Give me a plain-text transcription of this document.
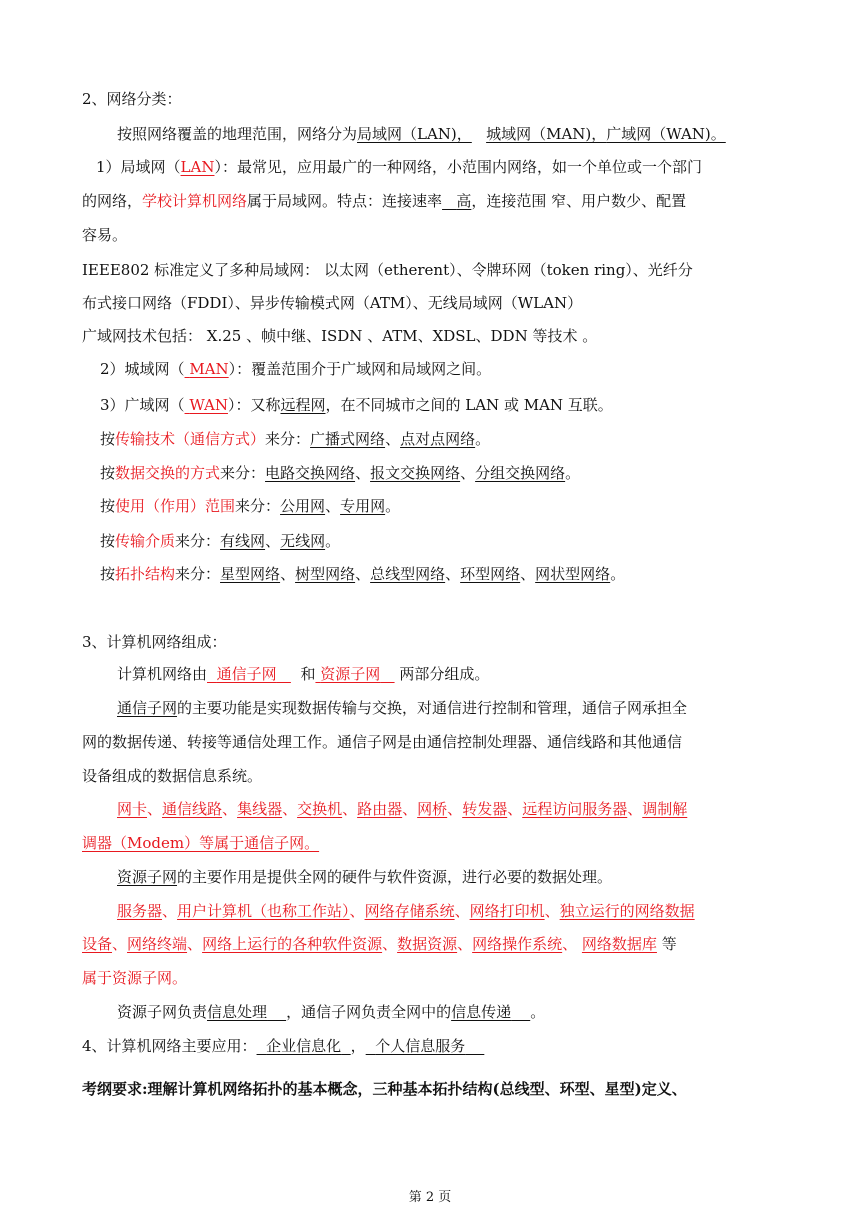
2、网络分类：
按照网络覆盖的地理范围，网络分为局域网（LAN)， 城域网（MAN)，广域网（WAN)。
1）局域网（LAN）：最常见，应用最广的一种网络，小范围内网络，如一个单位或一个部门
的网络，学校计算机网络属于局域网。特点：连接速率 高，连接范围 窄、用户数少、配置
容易。
IEEE802 标准定义了多种局域网： 以太网（etherent）、令牌环网（token ring）、光纤分
布式接口网络（FDDI）、异步传输模式网（ATM）、无线局域网（WLAN）
广域网技术包括： X.25 、帧中继、ISDN 、ATM、XDSL、DDN 等技术 。
2）城域网（ MAN）：覆盖范围介于广域网和局域网之间。
3）广域网（ WAN）：又称远程网，在不同城市之间的 LAN 或 MAN 互联。
按传输技术（通信方式）来分：广播式网络、点对点网络。
按数据交换的方式来分：电路交换网络、报文交换网络、分组交换网络。
按使用（作用）范围来分：公用网、专用网。
按传输介质来分：有线网、无线网。
按拓扑结构来分：星型网络、树型网络、总线型网络、环型网络、网状型网络。
3、计算机网络组成：
计算机网络由 通信子网 和 资源子网 两部分组成。
通信子网的主要功能是实现数据传输与交换，对通信进行控制和管理，通信子网承担全
网的数据传递、转接等通信处理工作。通信子网是由通信控制处理器、通信线路和其他通信
设备组成的数据信息系统。
网卡、通信线路、集线器、交换机、路由器、网桥、转发器、远程访问服务器、调制解
调器（Modem）等属于通信子网。
资源子网的主要作用是提供全网的硬件与软件资源，进行必要的数据处理。
服务器、用户计算机（也称工作站）、网络存储系统、网络打印机、独立运行的网络数据
设备、网络终端、网络上运行的各种软件资源、数据资源、网络操作系统、 网络数据库 等
属于资源子网。
资源子网负责信息处理 ，通信子网负责全网中的信息传递 。
4、计算机网络主要应用： 企业信息化 ， 个人信息服务
考纲要求:理解计算机网络拓扑的基本概念，三种基本拓扑结构(总线型、环型、星型)定义、
第 2 页
